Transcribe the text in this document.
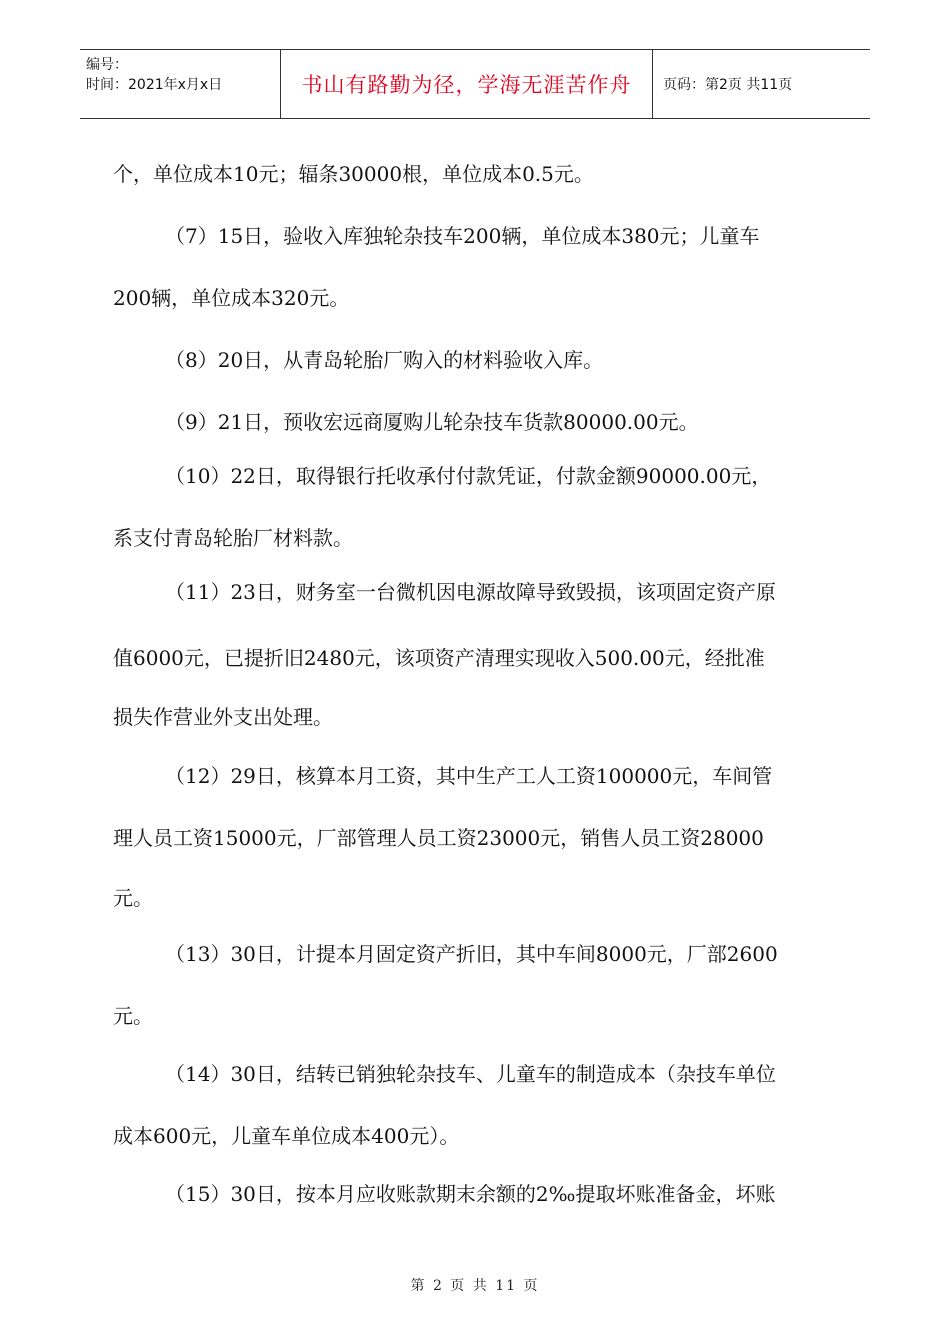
编号：
时间：2021年x月x日	书山有路勤为径，学海无涯苦作舟	页码：第2页 共11页
个，单位成本10元；辐条30000根，单位成本0.5元。
（7）15日，验收入库独轮杂技车200辆，单位成本380元；儿童车
200辆，单位成本320元。
（8）20日，从青岛轮胎厂购入的材料验收入库。
（9）21日，预收宏远商厦购儿轮杂技车货款80000.00元。
（10）22日，取得银行托收承付付款凭证，付款金额90000.00元，
系支付青岛轮胎厂材料款。
（11）23日，财务室一台微机因电源故障导致毁损，该项固定资产原
值6000元，已提折旧2480元，该项资产清理实现收入500.00元，经批准
损失作营业外支出处理。
（12）29日，核算本月工资，其中生产工人工资100000元，车间管
理人员工资15000元，厂部管理人员工资23000元，销售人员工资28000
元。
（13）30日，计提本月固定资产折旧，其中车间8000元，厂部2600
元。
（14）30日，结转已销独轮杂技车、儿童车的制造成本（杂技车单位
成本600元，儿童车单位成本400元）。
（15）30日，按本月应收账款期末余额的2‰提取坏账准备金，坏账
第 2 页 共 11 页
